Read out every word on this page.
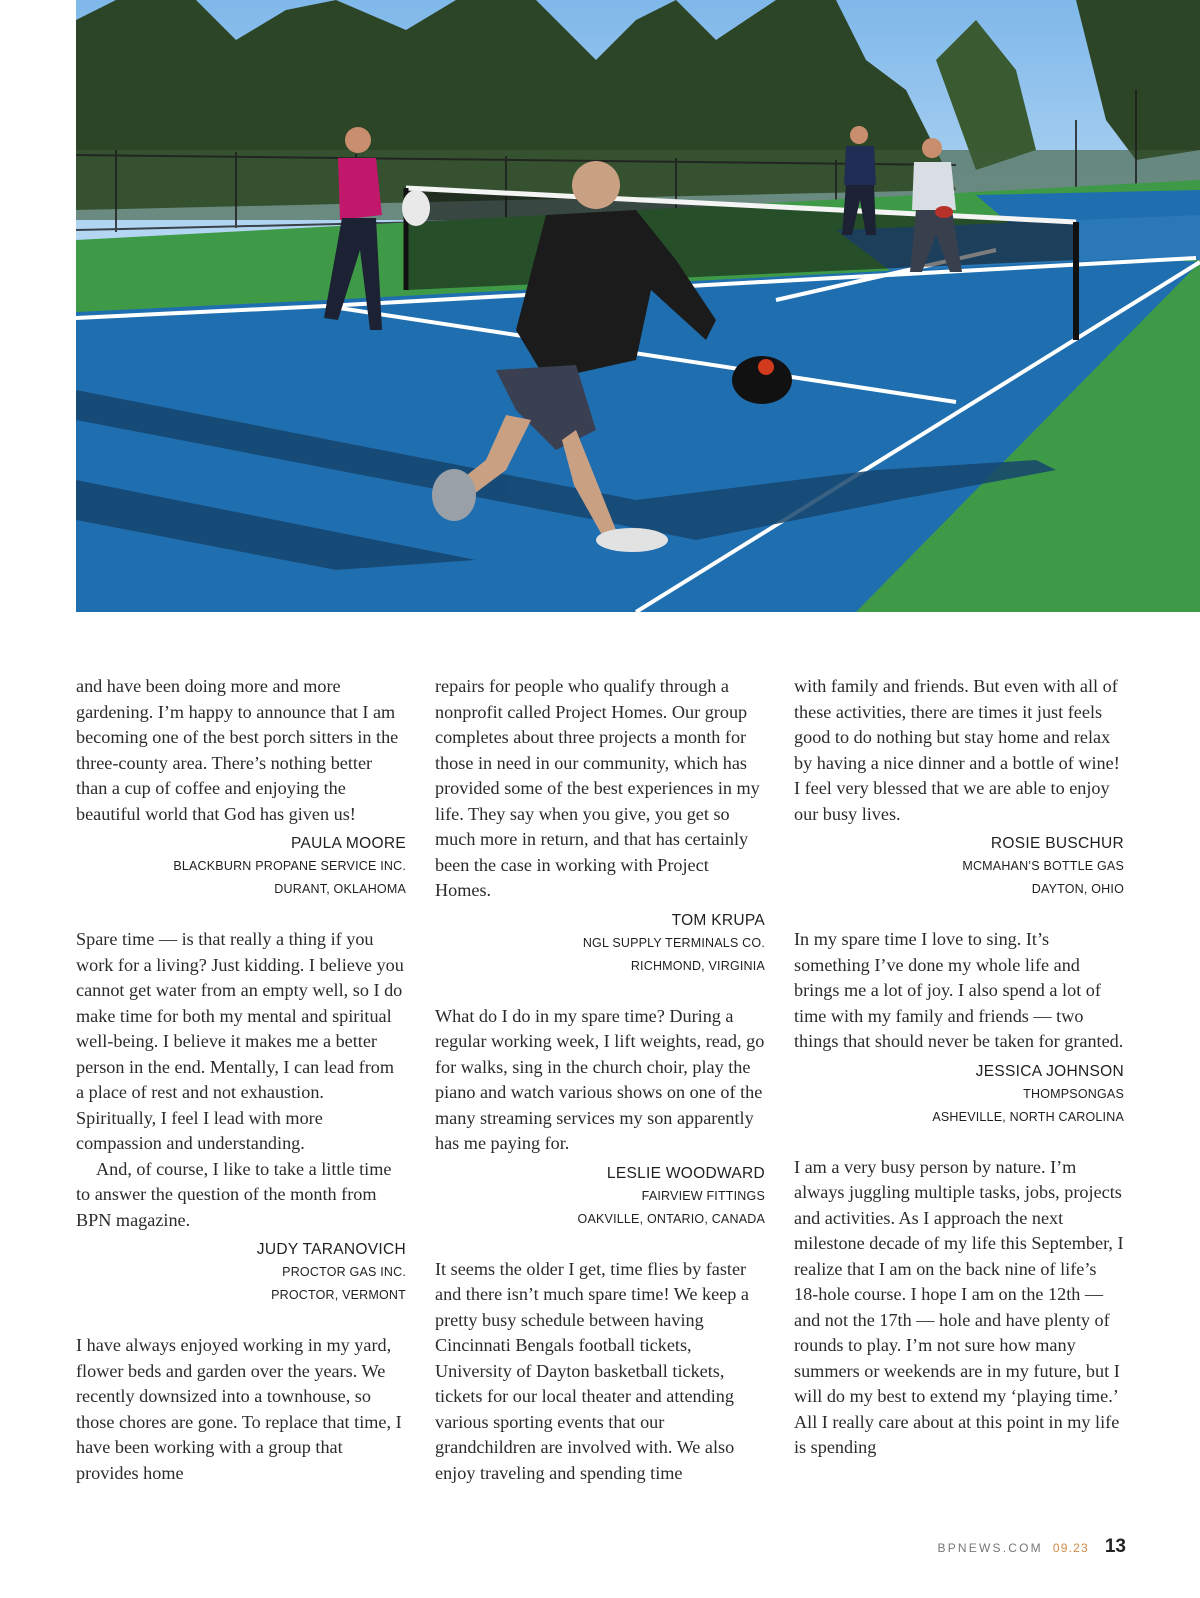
and have been doing more and more gardening. I’m happy to announce that I am becoming one of the best porch sitters in the three-county area. There’s nothing better than a cup of coffee and enjoying the beautiful world that God has given us!

PAULA MOORE
BLACKBURN PROPANE SERVICE INC.
DURANT, OKLAHOMA

Spare time — is that really a thing if you work for a living? Just kidding. I believe you cannot get water from an empty well, so I do make time for both my mental and spiritual well-being. I believe it makes me a better person in the end. Mentally, I can lead from a place of rest and not exhaustion. Spiritually, I feel I lead with more compassion and understanding.

And, of course, I like to take a little time to answer the question of the month from BPN magazine.

JUDY TARANOVICH
PROCTOR GAS INC.
PROCTOR, VERMONT

I have always enjoyed working in my yard, flower beds and garden over the years. We recently downsized into a townhouse, so those chores are gone. To replace that time, I have been working with a group that provides home

repairs for people who qualify through a nonprofit called Project Homes. Our group completes about three projects a month for those in need in our community, which has provided some of the best experiences in my life. They say when you give, you get so much more in return, and that has certainly been the case in working with Project Homes.

TOM KRUPA
NGL SUPPLY TERMINALS CO.
RICHMOND, VIRGINIA

What do I do in my spare time? During a regular working week, I lift weights, read, go for walks, sing in the church choir, play the piano and watch various shows on one of the many streaming services my son apparently has me paying for.

LESLIE WOODWARD
FAIRVIEW FITTINGS
OAKVILLE, ONTARIO, CANADA

It seems the older I get, time flies by faster and there isn’t much spare time! We keep a pretty busy schedule between having Cincinnati Bengals football tickets, University of Dayton basketball tickets, tickets for our local theater and attending various sporting events that our grandchildren are involved with. We also enjoy traveling and spending time

with family and friends. But even with all of these activities, there are times it just feels good to do nothing but stay home and relax by having a nice dinner and a bottle of wine! I feel very blessed that we are able to enjoy our busy lives.

ROSIE BUSCHUR
MCMAHAN’S BOTTLE GAS
DAYTON, OHIO

In my spare time I love to sing. It’s something I’ve done my whole life and brings me a lot of joy. I also spend a lot of time with my family and friends — two things that should never be taken for granted.

JESSICA JOHNSON
THOMPSONGAS
ASHEVILLE, NORTH CAROLINA

I am a very busy person by nature. I’m always juggling multiple tasks, jobs, projects and activities. As I approach the next milestone decade of my life this September, I realize that I am on the back nine of life’s 18-hole course. I hope I am on the 12th — and not the 17th — hole and have plenty of rounds to play. I’m not sure how many summers or weekends are in my future, but I will do my best to extend my ‘playing time.’ All I really care about at this point in my life is spending

BPNEWS.COM 09.23 13
